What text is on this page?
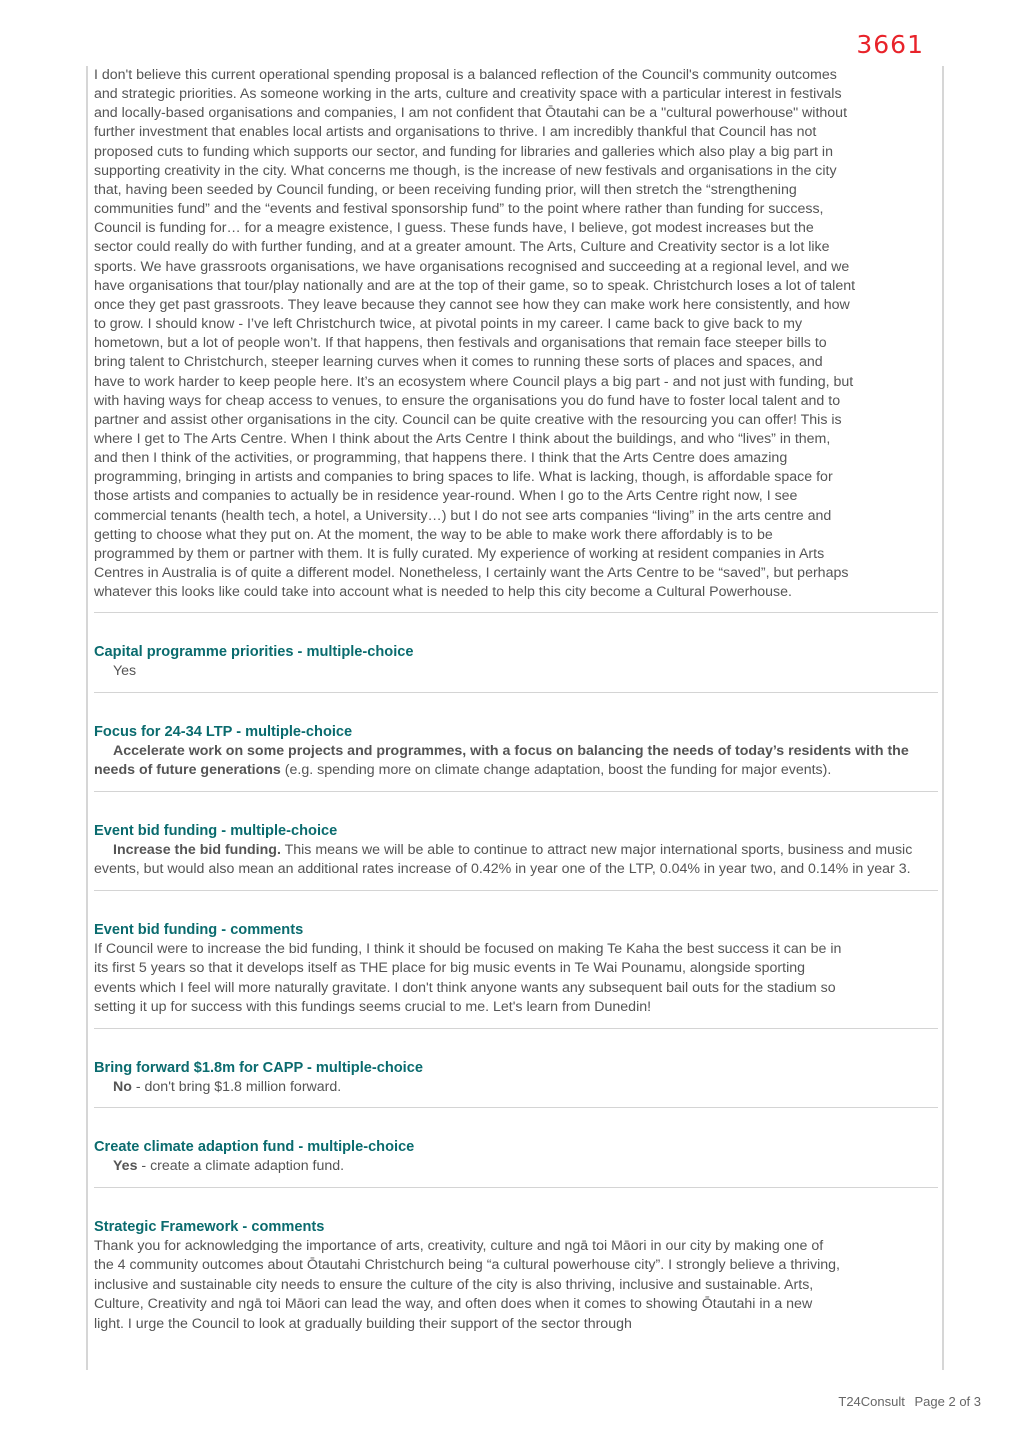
3661

I don't believe this current operational spending proposal is a balanced reflection of the Council's community outcomes and strategic priorities. As someone working in the arts, culture and creativity space with a particular interest in festivals and locally-based organisations and companies, I am not confident that Ōtautahi can be a "cultural powerhouse" without further investment that enables local artists and organisations to thrive. I am incredibly thankful that Council has not proposed cuts to funding which supports our sector, and funding for libraries and galleries which also play a big part in supporting creativity in the city. What concerns me though, is the increase of new festivals and organisations in the city that, having been seeded by Council funding, or been receiving funding prior, will then stretch the “strengthening communities fund” and the “events and festival sponsorship fund” to the point where rather than funding for success, Council is funding for… for a meagre existence, I guess. These funds have, I believe, got modest increases but the sector could really do with further funding, and at a greater amount. The Arts, Culture and Creativity sector is a lot like sports. We have grassroots organisations, we have organisations recognised and succeeding at a regional level, and we have organisations that tour/play nationally and are at the top of their game, so to speak. Christchurch loses a lot of talent once they get past grassroots. They leave because they cannot see how they can make work here consistently, and how to grow. I should know - I’ve left Christchurch twice, at pivotal points in my career. I came back to give back to my hometown, but a lot of people won’t. If that happens, then festivals and organisations that remain face steeper bills to bring talent to Christchurch, steeper learning curves when it comes to running these sorts of places and spaces, and have to work harder to keep people here. It’s an ecosystem where Council plays a big part - and not just with funding, but with having ways for cheap access to venues, to ensure the organisations you do fund have to foster local talent and to partner and assist other organisations in the city. Council can be quite creative with the resourcing you can offer! This is where I get to The Arts Centre. When I think about the Arts Centre I think about the buildings, and who “lives” in them, and then I think of the activities, or programming, that happens there. I think that the Arts Centre does amazing programming, bringing in artists and companies to bring spaces to life. What is lacking, though, is affordable space for those artists and companies to actually be in residence year-round. When I go to the Arts Centre right now, I see commercial tenants (health tech, a hotel, a University…) but I do not see arts companies “living” in the arts centre and getting to choose what they put on. At the moment, the way to be able to make work there affordably is to be programmed by them or partner with them. It is fully curated. My experience of working at resident companies in Arts Centres in Australia is of quite a different model. Nonetheless, I certainly want the Arts Centre to be “saved”, but perhaps whatever this looks like could take into account what is needed to help this city become a Cultural Powerhouse.

Capital programme priorities - multiple-choice

Yes

Focus for 24-34 LTP - multiple-choice

Accelerate work on some projects and programmes, with a focus on balancing the needs of today’s residents with the needs of future generations (e.g. spending more on climate change adaptation, boost the funding for major events).

Event bid funding - multiple-choice

Increase the bid funding. This means we will be able to continue to attract new major international sports, business and music events, but would also mean an additional rates increase of 0.42% in year one of the LTP, 0.04% in year two, and 0.14% in year 3.

Event bid funding - comments

If Council were to increase the bid funding, I think it should be focused on making Te Kaha the best success it can be in its first 5 years so that it develops itself as THE place for big music events in Te Wai Pounamu, alongside sporting events which I feel will more naturally gravitate. I don't think anyone wants any subsequent bail outs for the stadium so setting it up for success with this fundings seems crucial to me. Let's learn from Dunedin!

Bring forward $1.8m for CAPP - multiple-choice

No - don't bring $1.8 million forward.

Create climate adaption fund - multiple-choice

Yes - create a climate adaption fund.

Strategic Framework - comments

Thank you for acknowledging the importance of arts, creativity, culture and ngā toi Māori in our city by making one of the 4 community outcomes about Ōtautahi Christchurch being “a cultural powerhouse city”. I strongly believe a thriving, inclusive and sustainable city needs to ensure the culture of the city is also thriving, inclusive and sustainable. Arts, Culture, Creativity and ngā toi Māori can lead the way, and often does when it comes to showing Ōtautahi in a new light. I urge the Council to look at gradually building their support of the sector through

T24Consult Page 2 of 3
